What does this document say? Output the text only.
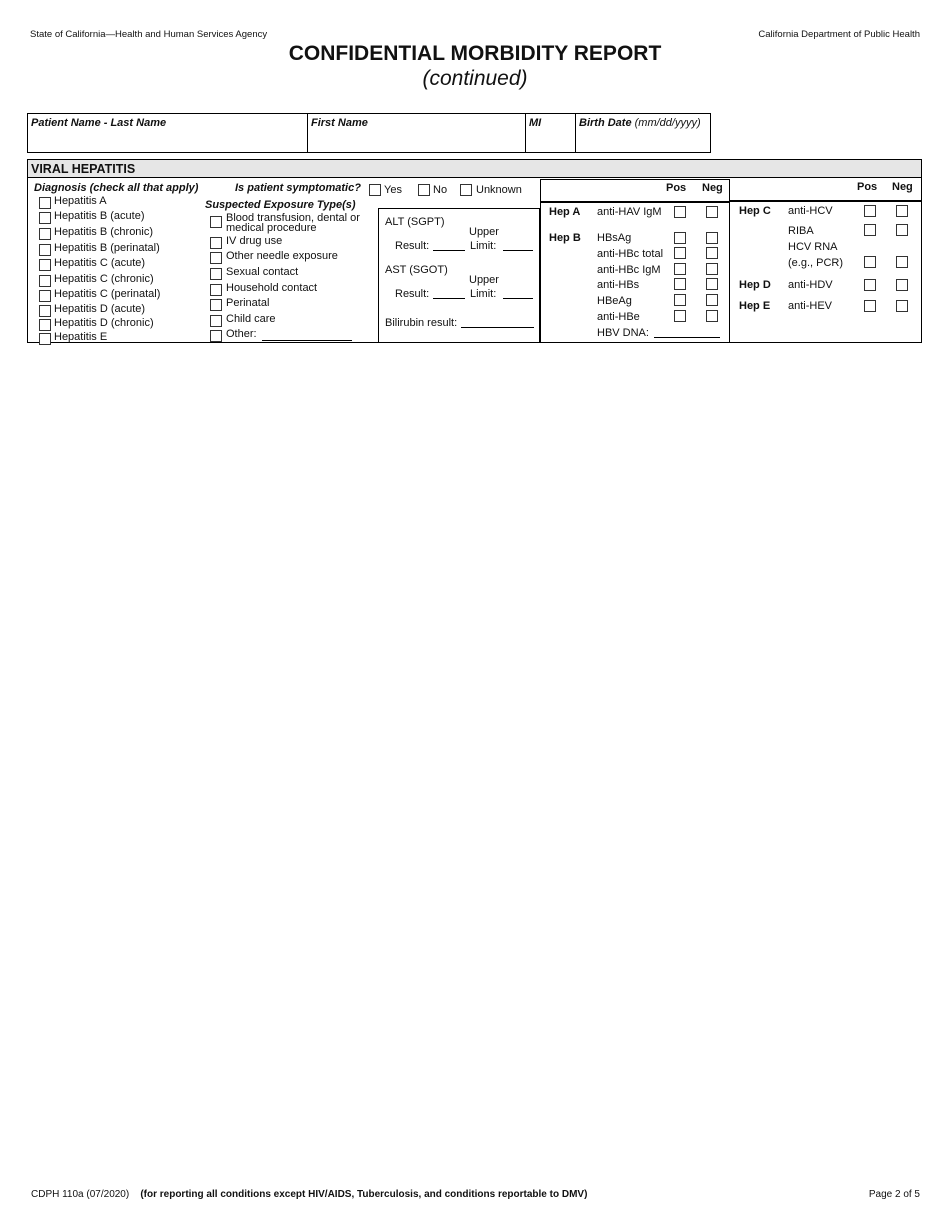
State of California—Health and Human Services Agency	California Department of Public Health
CONFIDENTIAL MORBIDITY REPORT
(continued)
Patient Name - Last Name	First Name	MI	Birth Date (mm/dd/yyyy)
VIRAL HEPATITIS
Diagnosis (check all that apply)
Hepatitis A
Hepatitis B (acute)
Hepatitis B (chronic)
Hepatitis B (perinatal)
Hepatitis C (acute)
Hepatitis C (chronic)
Hepatitis C (perinatal)
Hepatitis D (acute)
Hepatitis D (chronic)
Hepatitis E
Is patient symptomatic? Yes	No	Unknown
Suspected Exposure Type(s)
Blood transfusion, dental or
medical procedure
IV drug use
Other needle exposure
Sexual contact
Household contact
Perinatal
Child care
Other:
ALT (SGPT)
Upper
Result:	Limit:
AST (SGOT)
Upper
Result:	Limit:
Bilirubin result:
Pos Neg
Hep A anti-HAV IgM
Hep B HBsAg
anti-HBc total
anti-HBc IgM
anti-HBs
HBeAg
anti-HBe
HBV DNA:
Pos Neg
Hep C anti-HCV
RIBA
HCV RNA
(e.g., PCR)
Hep D anti-HDV
Hep E anti-HEV
CDPH 110a (07/2020) (for reporting all conditions except HIV/AIDS, Tuberculosis, and conditions reportable to DMV)	Page 2 of 5
